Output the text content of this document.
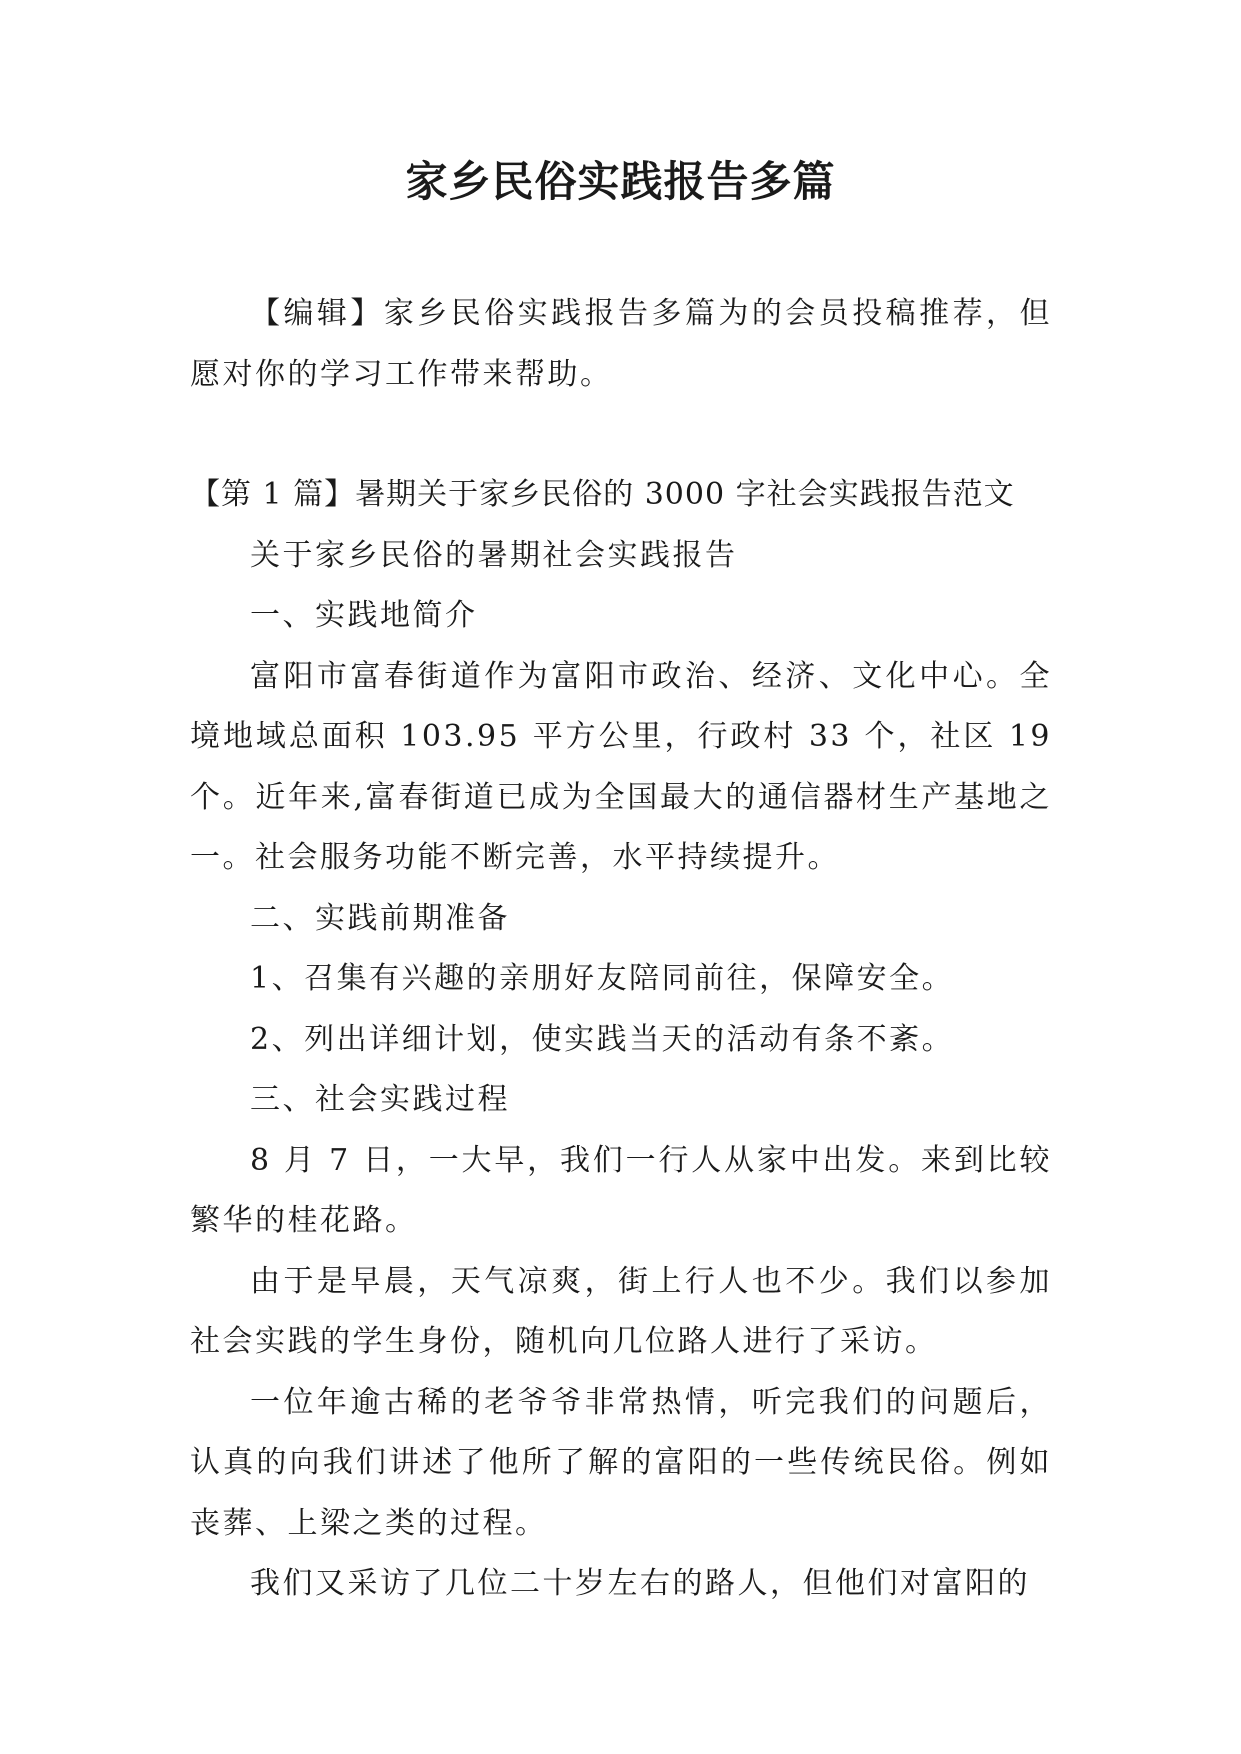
家乡民俗实践报告多篇

【编辑】家乡民俗实践报告多篇为的会员投稿推荐，但愿对你的学习工作带来帮助。

【第 1 篇】暑期关于家乡民俗的 3000 字社会实践报告范文

关于家乡民俗的暑期社会实践报告

一、实践地简介

富阳市富春街道作为富阳市政治、经济、文化中心。全境地域总面积 103.95 平方公里，行政村 33 个，社区 19 个。近年来,富春街道已成为全国最大的通信器材生产基地之一。社会服务功能不断完善，水平持续提升。

二、实践前期准备

1、召集有兴趣的亲朋好友陪同前往，保障安全。

2、列出详细计划，使实践当天的活动有条不紊。

三、社会实践过程

8 月 7 日，一大早，我们一行人从家中出发。来到比较繁华的桂花路。

由于是早晨，天气凉爽，街上行人也不少。我们以参加社会实践的学生身份，随机向几位路人进行了采访。

一位年逾古稀的老爷爷非常热情，听完我们的问题后，认真的向我们讲述了他所了解的富阳的一些传统民俗。例如丧葬、上梁之类的过程。

我们又采访了几位二十岁左右的路人，但他们对富阳的
